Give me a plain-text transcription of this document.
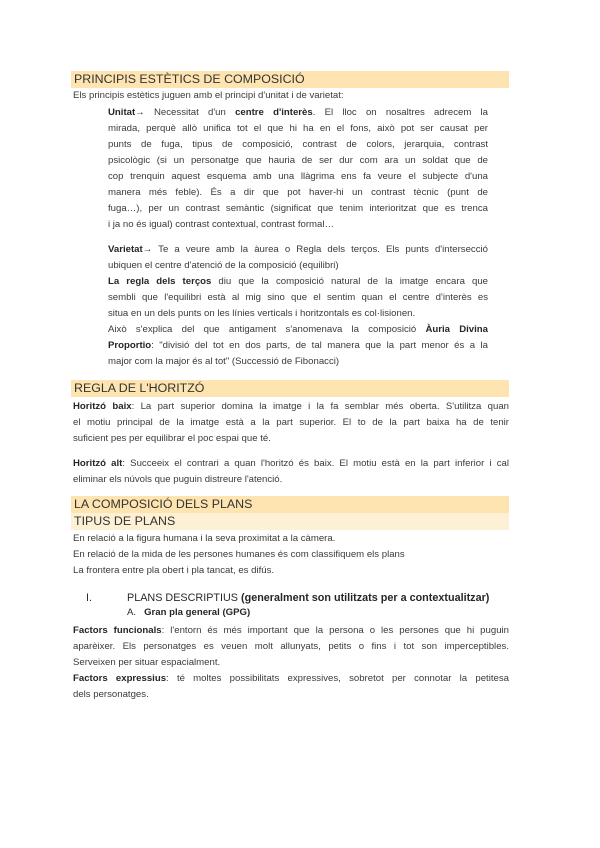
PRINCIPIS ESTÈTICS DE COMPOSICIÓ
Els principis estètics juguen amb el principi d'unitat i de varietat:
Unitat→ Necessitat d'un centre d'interès. El lloc on nosaltres adrecem la
mirada, perquè allò unifica tot el que hi ha en el fons, això pot ser causat per
punts de fuga, tipus de composició, contrast de colors, jerarquia, contrast
psicològic (si un personatge que hauria de ser dur com ara un soldat que de
cop trenquin aquest esquema amb una llàgrima ens fa veure el subjecte d'una
manera més feble). És a dir que pot haver-hi un contrast tècnic (punt de
fuga…), per un contrast semàntic (significat que tenim interioritzat que es trenca
i ja no és igual) contrast contextual, contrast formal…
Varietat→ Te a veure amb la àurea o Regla dels terços. Els punts d'intersecció
ubiquen el centre d'atenció de la composició (equilibri)
La regla dels terços diu que la composició natural de la imatge encara que
sembli que l'equilibri està al mig sino que el sentim quan el centre d'interès es
situa en un dels punts on les línies verticals i horitzontals es col·lisionen.
Això s'explica del que antigament s'anomenava la composició Àuria Divina
Proportio: "divisió del tot en dos parts, de tal manera que la part menor és a la
major com la major és al tot" (Successió de Fibonacci)
REGLA DE L'HORITZÓ
Horitzó baix: La part superior domina la imatge i la fa semblar més oberta. S'utilitza quan
el motiu principal de la imatge està a la part superior. El to de la part baixa ha de tenir
suficient pes per equilibrar el poc espai que té.
Horitzó alt: Succeeix el contrari a quan l'horitzó és baix. El motiu està en la part inferior i cal
eliminar els núvols que puguin distreure l'atenció.
LA COMPOSICIÓ DELS PLANS
TIPUS DE PLANS
En relació a la figura humana i la seva proximitat a la càmera.
En relació de la mida de les persones humanes és com classifiquem els plans
La frontera entre pla obert i pla tancat, es difús.
I.	PLANS DESCRIPTIUS (generalment son utilitzats per a contextualitzar)
A. Gran pla general (GPG)
Factors funcionals: l'entorn és més important que la persona o les persones que hi puguin
aparèixer. Els personatges es veuen molt allunyats, petits o fins i tot son imperceptibles.
Serveixen per situar espacialment.
Factors expressius: té moltes possibilitats expressives, sobretot per connotar la petitesa
dels personatges.
